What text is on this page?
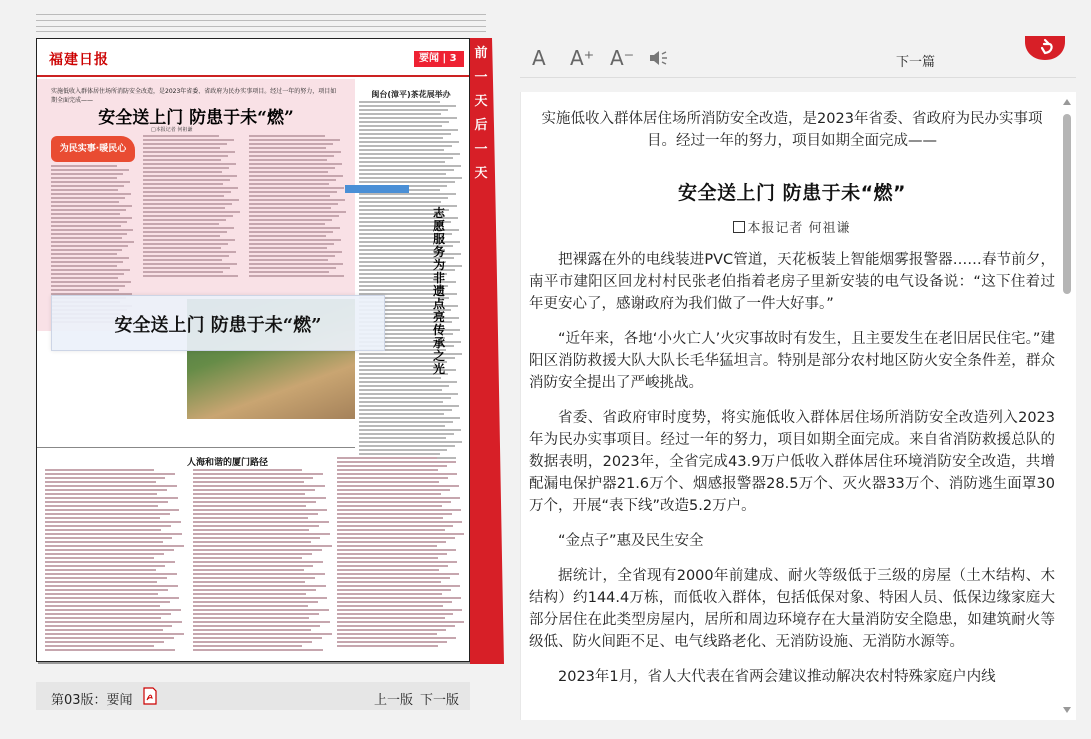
福建日报	要闻 | 3
实施低收入群体居住场所消防安全改造，是2023年省委、省政府为民办实事项目。经过一年的努力，项目如期全面完成——
安全送上门 防患于未“燃”
□本报记者 何祖谦
为民实事·暖民心
闽台(漳平)茶花展举办
志愿服务为非遗点亮传承之光
安全送上门 防患于未“燃”
人海和谐的厦门路径
前
一
天
后
一
天
第03版：要闻	上一版 下一版
A A⁺ A⁻	下一篇
实施低收入群体居住场所消防安全改造，是2023年省委、省政府为民办实事项目。经过一年的努力，项目如期全面完成——
安全送上门 防患于未“燃”
本报记者 何祖谦
把裸露在外的电线装进PVC管道，天花板装上智能烟雾报警器……春节前夕，南平市建阳区回龙村村民张老伯指着老房子里新安装的电气设备说：“这下住着过年更安心了，感谢政府为我们做了一件大好事。”
“近年来，各地‘小火亡人’火灾事故时有发生，且主要发生在老旧居民住宅。”建阳区消防救援大队大队长毛华猛坦言。特别是部分农村地区防火安全条件差，群众消防安全提出了严峻挑战。
省委、省政府审时度势，将实施低收入群体居住场所消防安全改造列入2023年为民办实事项目。经过一年的努力，项目如期全面完成。来自省消防救援总队的数据表明，2023年，全省完成43.9万户低收入群体居住环境消防安全改造，共增配漏电保护器21.6万个、烟感报警器28.5万个、灭火器33万个、消防逃生面罩30万个，开展“表下线”改造5.2万户。
“金点子”惠及民生安全
据统计，全省现有2000年前建成、耐火等级低于三级的房屋（土木结构、木结构）约144.4万栋，而低收入群体，包括低保对象、特困人员、低保边缘家庭大部分居住在此类型房屋内，居所和周边环境存在大量消防安全隐患，如建筑耐火等级低、防火间距不足、电气线路老化、无消防设施、无消防水源等。
2023年1月，省人大代表在省两会建议推动解决农村特殊家庭户内线
